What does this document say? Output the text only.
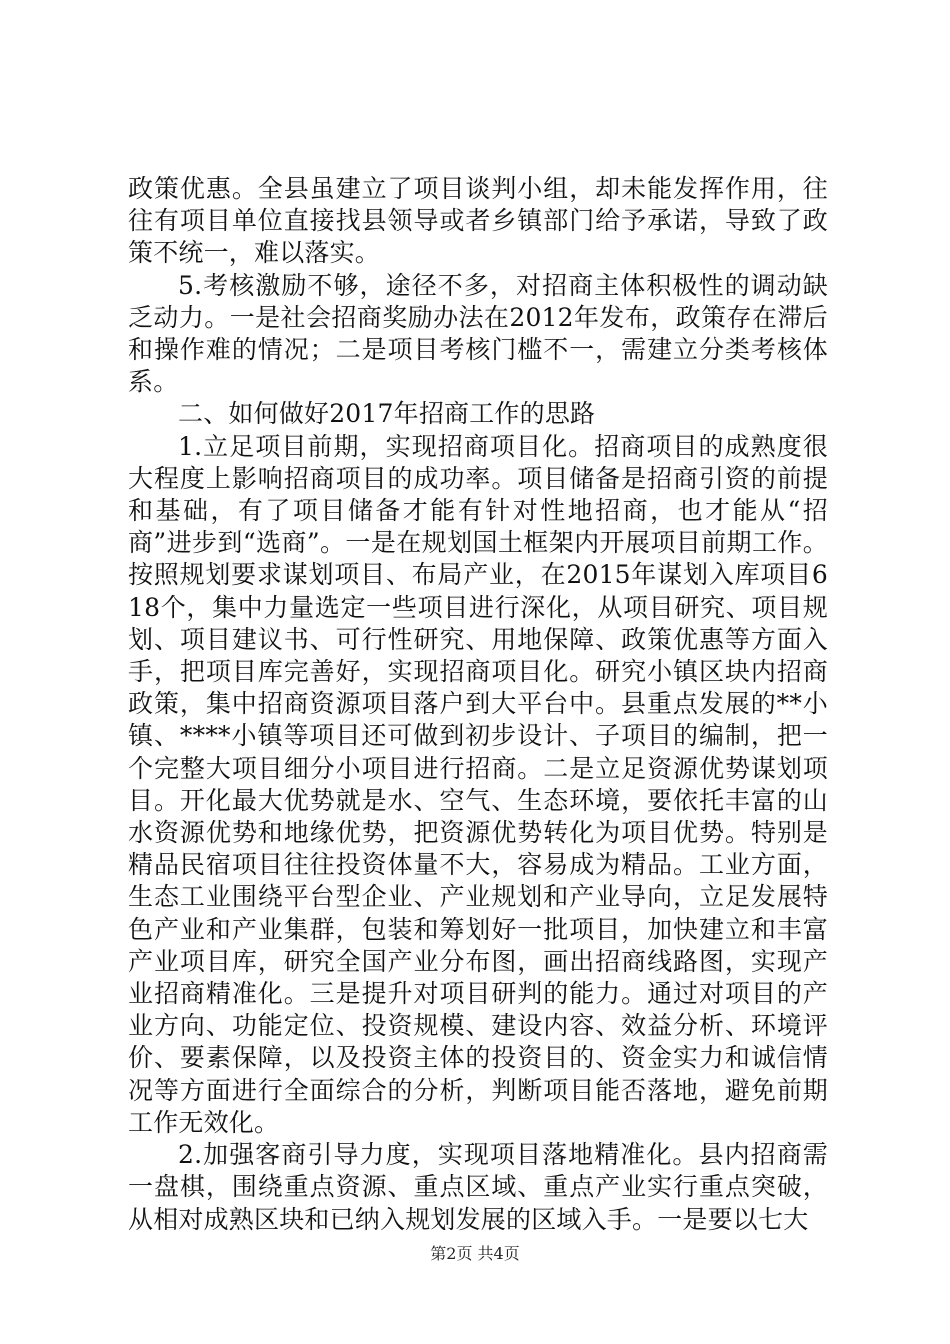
政策优惠。全县虽建立了项目谈判小组，却未能发挥作用，往往有项目单位直接找县领导或者乡镇部门给予承诺，导致了政策不统一，难以落实。

5.考核激励不够，途径不多，对招商主体积极性的调动缺乏动力。一是社会招商奖励办法在2012年发布，政策存在滞后和操作难的情况；二是项目考核门槛不一，需建立分类考核体系。

二、如何做好2017年招商工作的思路

1.立足项目前期，实现招商项目化。招商项目的成熟度很大程度上影响招商项目的成功率。项目储备是招商引资的前提和基础，有了项目储备才能有针对性地招商，也才能从“招商”进步到“选商”。一是在规划国土框架内开展项目前期工作。按照规划要求谋划项目、布局产业，在2015年谋划入库项目618个，集中力量选定一些项目进行深化，从项目研究、项目规划、项目建议书、可行性研究、用地保障、政策优惠等方面入手，把项目库完善好，实现招商项目化。研究小镇区块内招商政策，集中招商资源项目落户到大平台中。县重点发展的**小镇、****小镇等项目还可做到初步设计、子项目的编制，把一个完整大项目细分小项目进行招商。二是立足资源优势谋划项目。开化最大优势就是水、空气、生态环境，要依托丰富的山水资源优势和地缘优势，把资源优势转化为项目优势。特别是精品民宿项目往往投资体量不大，容易成为精品。工业方面，生态工业围绕平台型企业、产业规划和产业导向，立足发展特色产业和产业集群，包装和筹划好一批项目，加快建立和丰富产业项目库，研究全国产业分布图，画出招商线路图，实现产业招商精准化。三是提升对项目研判的能力。通过对项目的产业方向、功能定位、投资规模、建设内容、效益分析、环境评价、要素保障，以及投资主体的投资目的、资金实力和诚信情况等方面进行全面综合的分析，判断项目能否落地，避免前期工作无效化。

2.加强客商引导力度，实现项目落地精准化。县内招商需一盘棋，围绕重点资源、重点区域、重点产业实行重点突破，从相对成熟区块和已纳入规划发展的区域入手。一是要以七大

第2页 共4页
